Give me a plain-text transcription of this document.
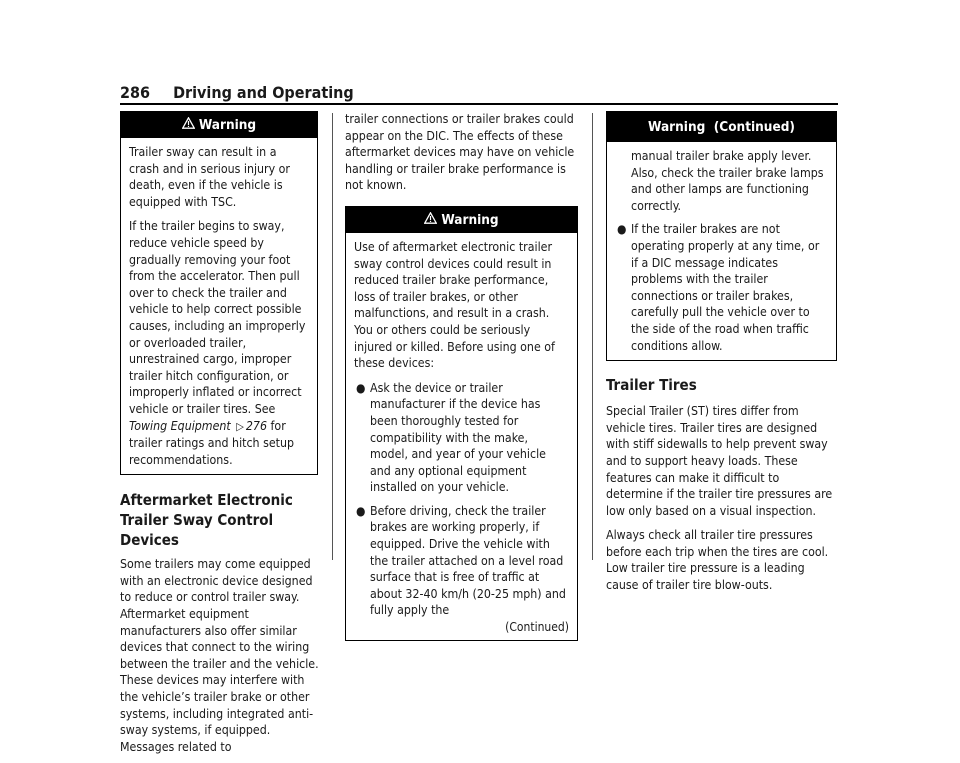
286 Driving and Operating
Warning

Trailer sway can result in a crash and in serious injury or death, even if the vehicle is equipped with TSC.

If the trailer begins to sway, reduce vehicle speed by gradually removing your foot from the accelerator. Then pull over to check the trailer and vehicle to help correct possible causes, including an improperly or overloaded trailer, unrestrained cargo, improper trailer hitch configuration, or improperly inflated or incorrect vehicle or trailer tires. See Towing Equipment ▷ 276 for trailer ratings and hitch setup recommendations.

Aftermarket Electronic Trailer Sway Control Devices

Some trailers may come equipped with an electronic device designed to reduce or control trailer sway. Aftermarket equipment manufacturers also offer similar devices that connect to the wiring between the trailer and the vehicle. These devices may interfere with the vehicle’s trailer brake or other systems, including integrated anti-sway systems, if equipped. Messages related to

trailer connections or trailer brakes could appear on the DIC. The effects of these aftermarket devices may have on vehicle handling or trailer brake performance is not known.

Warning

Use of aftermarket electronic trailer sway control devices could result in reduced trailer brake performance, loss of trailer brakes, or other malfunctions, and result in a crash. You or others could be seriously injured or killed. Before using one of these devices:

● Ask the device or trailer manufacturer if the device has been thoroughly tested for compatibility with the make, model, and year of your vehicle and any optional equipment installed on your vehicle.
● Before driving, check the trailer brakes are working properly, if equipped. Drive the vehicle with the trailer attached on a level road surface that is free of traffic at about 32-40 km/h (20-25 mph) and fully apply the
(Continued)
Warning  (Continued)
manual trailer brake apply lever. Also, check the trailer brake lamps and other lamps are functioning correctly.
● If the trailer brakes are not operating properly at any time, or if a DIC message indicates problems with the trailer connections or trailer brakes, carefully pull the vehicle over to the side of the road when traffic conditions allow.

Trailer Tires

Special Trailer (ST) tires differ from vehicle tires. Trailer tires are designed with stiff sidewalls to help prevent sway and to support heavy loads. These features can make it difficult to determine if the trailer tire pressures are low only based on a visual inspection.

Always check all trailer tire pressures before each trip when the tires are cool. Low trailer tire pressure is a leading cause of trailer tire blow-outs.
